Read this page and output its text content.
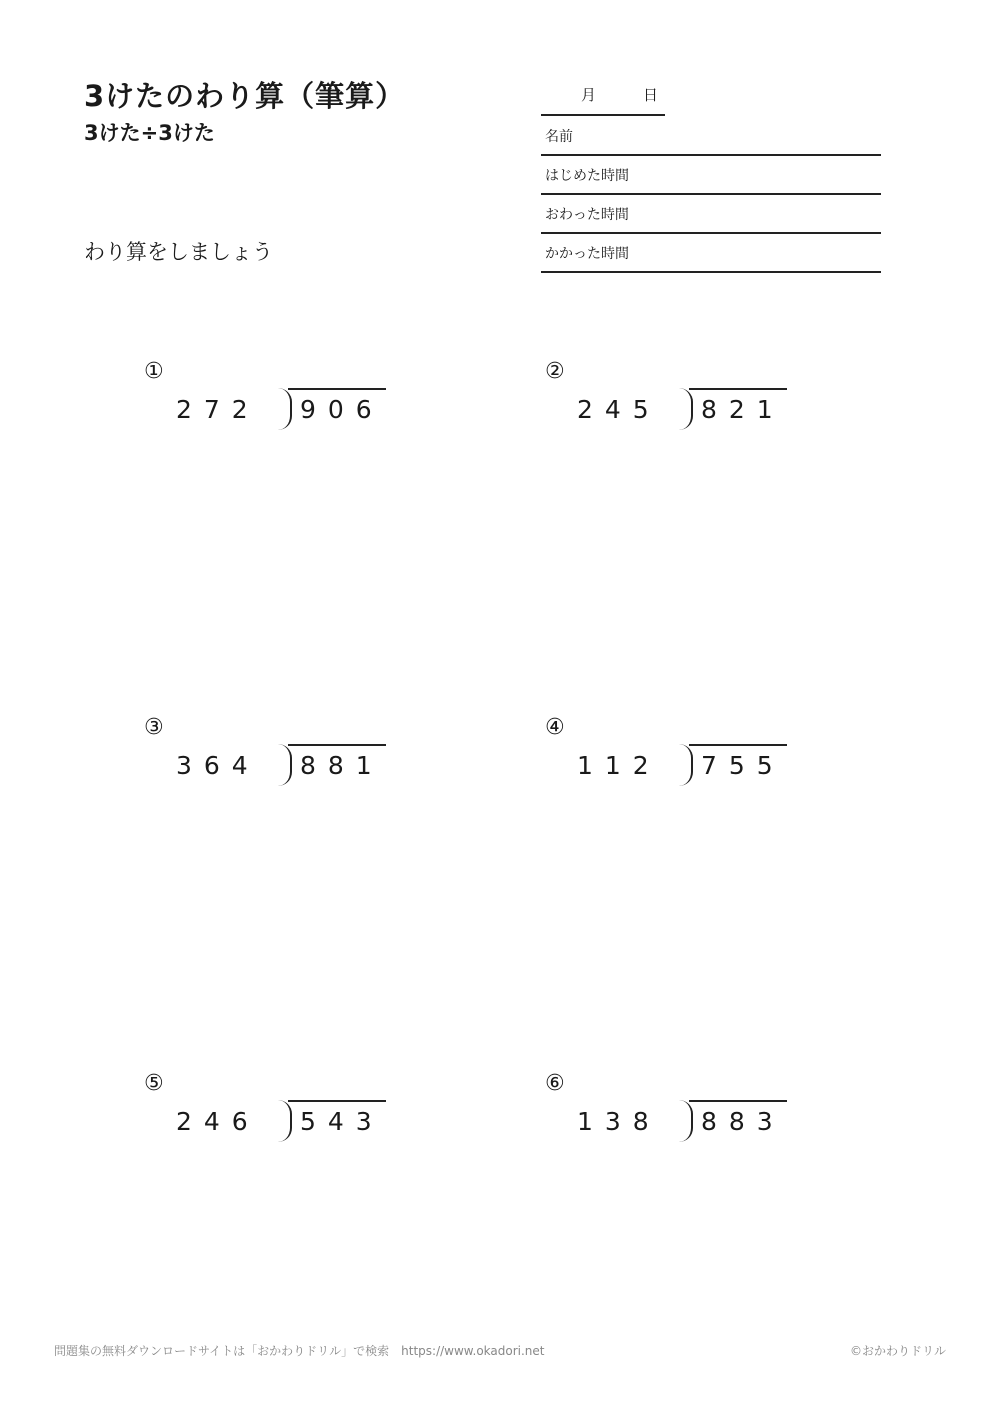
3けたのわり算（筆算）
3けた÷3けた
わり算をしましょう
月	日
名前
はじめた時間
おわった時間
かかった時間
①
272	906
②
245	821
③
364	881
④
112	755
⑤
246	543
⑥
138	883
問題集の無料ダウンロードサイトは「おかわりドリル」で検索　https://www.okadori.net	©おかわりドリル
